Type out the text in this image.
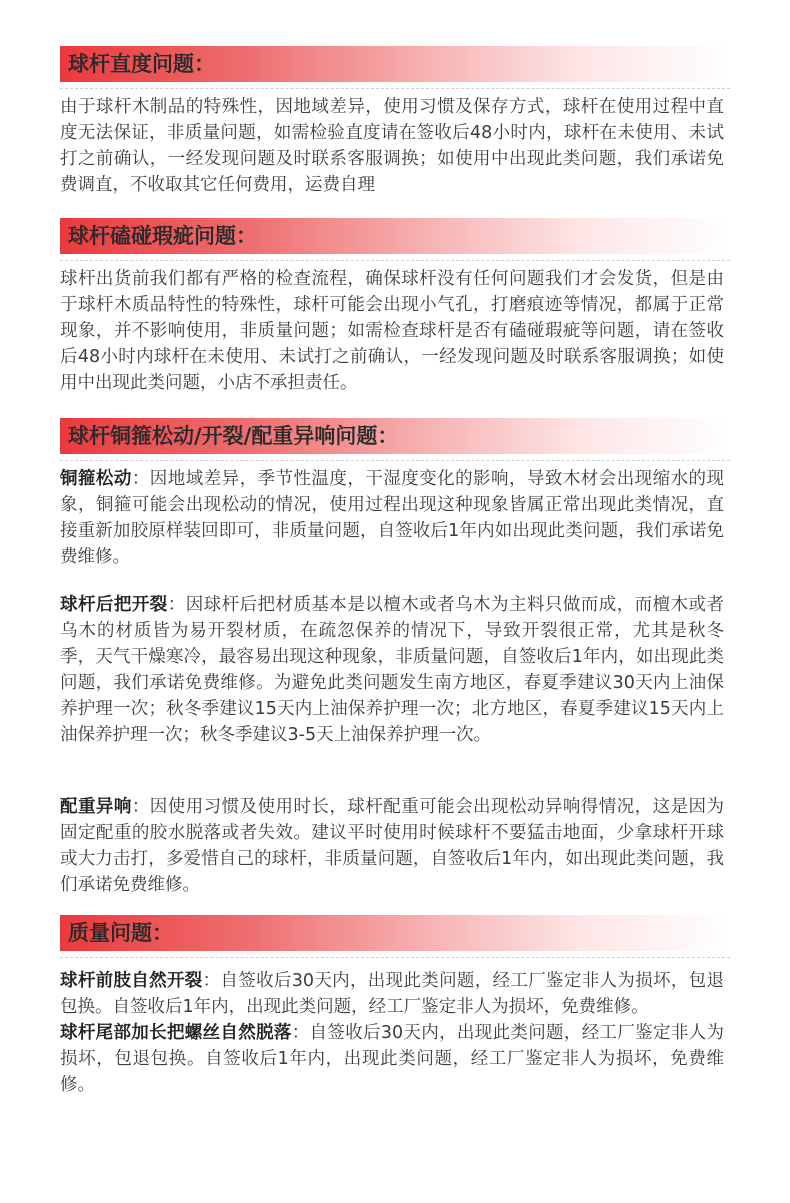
球杆直度问题：

由于球杆木制品的特殊性，因地域差异，使用习惯及保存方式，球杆在使用过程中直度无法保证，非质量问题，如需检验直度请在签收后48小时内，球杆在未使用、未试打之前确认，一经发现问题及时联系客服调换；如使用中出现此类问题，我们承诺免费调直，不收取其它任何费用，运费自理

球杆磕碰瑕疵问题：

球杆出货前我们都有严格的检查流程，确保球杆没有任何问题我们才会发货，但是由于球杆木质品特性的特殊性，球杆可能会出现小气孔，打磨痕迹等情况，都属于正常现象，并不影响使用，非质量问题；如需检查球杆是否有磕碰瑕疵等问题，请在签收后48小时内球杆在未使用、未试打之前确认，一经发现问题及时联系客服调换；如使用中出现此类问题，小店不承担责任。

球杆铜箍松动/开裂/配重异响问题：

铜箍松动：因地域差异，季节性温度，干湿度变化的影响，导致木材会出现缩水的现象，铜箍可能会出现松动的情况，使用过程出现这种现象皆属正常出现此类情况，直接重新加胶原样装回即可，非质量问题，自签收后1年内如出现此类问题，我们承诺免费维修。

球杆后把开裂：因球杆后把材质基本是以檀木或者乌木为主料只做而成，而檀木或者乌木的材质皆为易开裂材质，在疏忽保养的情况下，导致开裂很正常，尤其是秋冬季，天气干燥寒冷，最容易出现这种现象，非质量问题，自签收后1年内，如出现此类问题，我们承诺免费维修。为避免此类问题发生南方地区，春夏季建议30天内上油保养护理一次；秋冬季建议15天内上油保养护理一次；北方地区，春夏季建议15天内上油保养护理一次；秋冬季建议3-5天上油保养护理一次。

配重异响：因使用习惯及使用时长，球杆配重可能会出现松动异响得情况，这是因为固定配重的胶水脱落或者失效。建议平时使用时候球杆不要猛击地面，少拿球杆开球或大力击打，多爱惜自己的球杆，非质量问题，自签收后1年内，如出现此类问题，我们承诺免费维修。

质量问题：

球杆前肢自然开裂：自签收后30天内，出现此类问题，经工厂鉴定非人为损坏，包退包换。自签收后1年内，出现此类问题，经工厂鉴定非人为损坏，免费维修。

球杆尾部加长把螺丝自然脱落：自签收后30天内，出现此类问题，经工厂鉴定非人为损坏，包退包换。自签收后1年内，出现此类问题，经工厂鉴定非人为损坏，免费维修。
